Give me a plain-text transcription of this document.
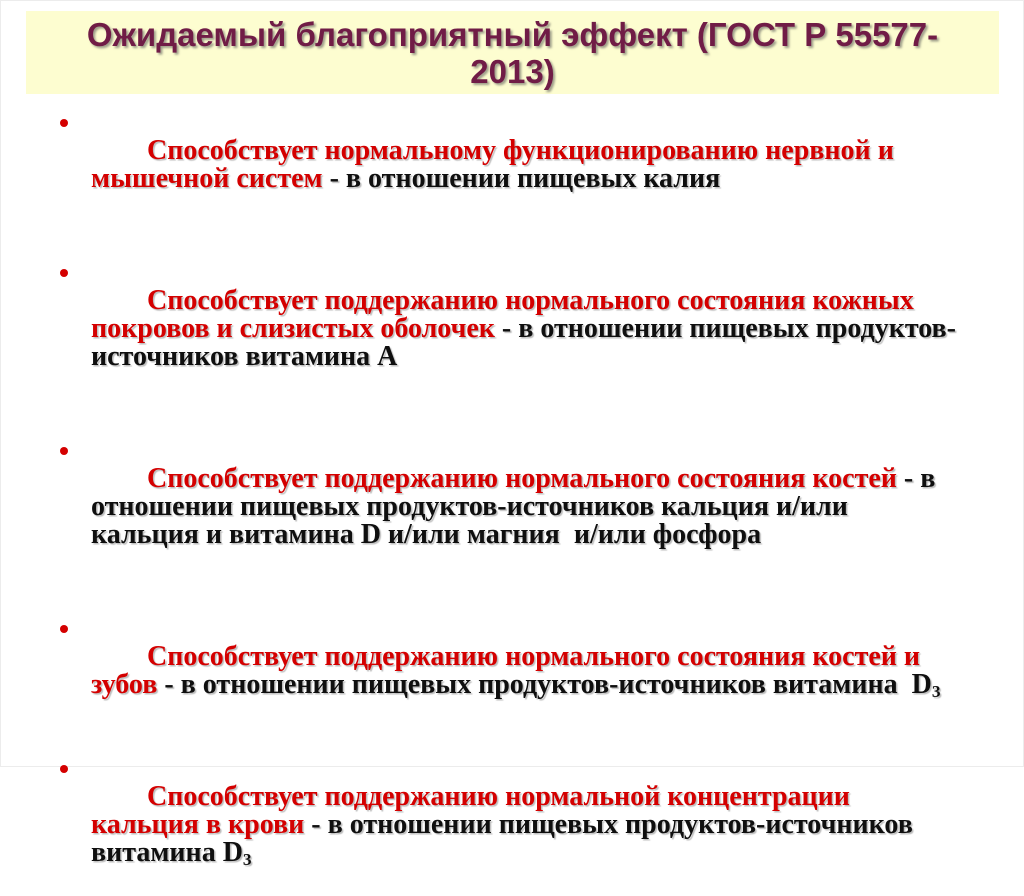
Ожидаемый благоприятный эффект (ГОСТ Р 55577-
2013)

Способствует нормальному функционированию нервной и мышечной систем - в отношении пищевых калия

Способствует поддержанию нормального состояния кожных покровов и слизистых оболочек - в отношении пищевых продуктов-источников витамина А

Способствует поддержанию нормального состояния костей - в отношении пищевых продуктов-источников кальция и/или кальция и витамина D и/или магния  и/или фосфора

Способствует поддержанию нормального состояния костей и зубов - в отношении пищевых продуктов-источников витамина  $D_3$

Способствует поддержанию нормальной концентрации кальция в крови - в отношении пищевых продуктов-источников витамина $D_3$
